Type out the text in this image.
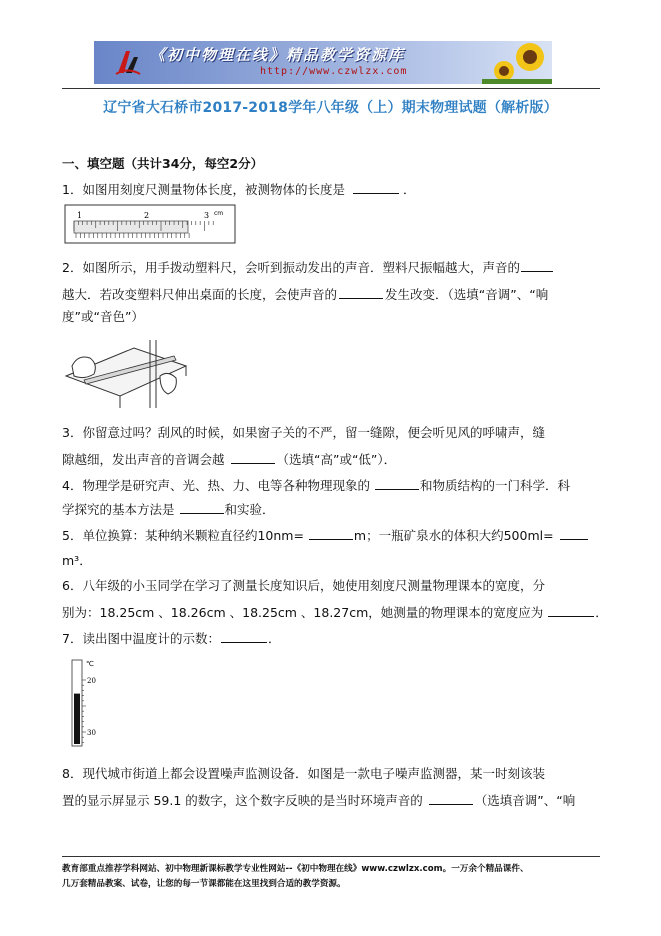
《初中物理在线》精品教学资源库
http://www.czwlzx.com
辽宁省大石桥市2017-2018学年八年级（上）期末物理试题（解析版）
一、填空题（共计34分，每空2分）
1．如图用刻度尺测量物体长度，被测物体的长度是	．
1	2	3 cm
2．如图所示，用手拨动塑料尺，会听到振动发出的声音．塑料尺振幅越大，声音的
越大．若改变塑料尺伸出桌面的长度，会使声音的	发生改变．（选填“音调”、“响
度”或“音色”）
3．你留意过吗？刮风的时候，如果窗子关的不严，留一缝隙，便会听见风的呼啸声，缝
隙越细，发出声音的音调会越	（选填“高”或“低”）．
4．物理学是研究声、光、热、力、电等各种物理现象的	和物质结构的一门科学．科
学探究的基本方法是	和实验．
5．单位换算：某种纳米颗粒直径约10nm=	m；一瓶矿泉水的体积大约500ml=
m³．
6．八年级的小玉同学在学习了测量长度知识后，她使用刻度尺测量物理课本的宽度，分
别为：18.25cm 、18.26cm 、18.25cm 、18.27cm，她测量的物理课本的宽度应为	．
7．读出图中温度计的示数：	．
℃
20
30
8．现代城市街道上都会设置噪声监测设备．如图是一款电子噪声监测器，某一时刻该装
置的显示屏显示 59.1 的数字，这个数字反映的是当时环境声音的	（选填音调”、“响
教育部重点推荐学科网站、初中物理新课标教学专业性网站--《初中物理在线》www.czwlzx.com。一万余个精品课件、
几万套精品教案、试卷，让您的每一节课都能在这里找到合适的教学资源。
